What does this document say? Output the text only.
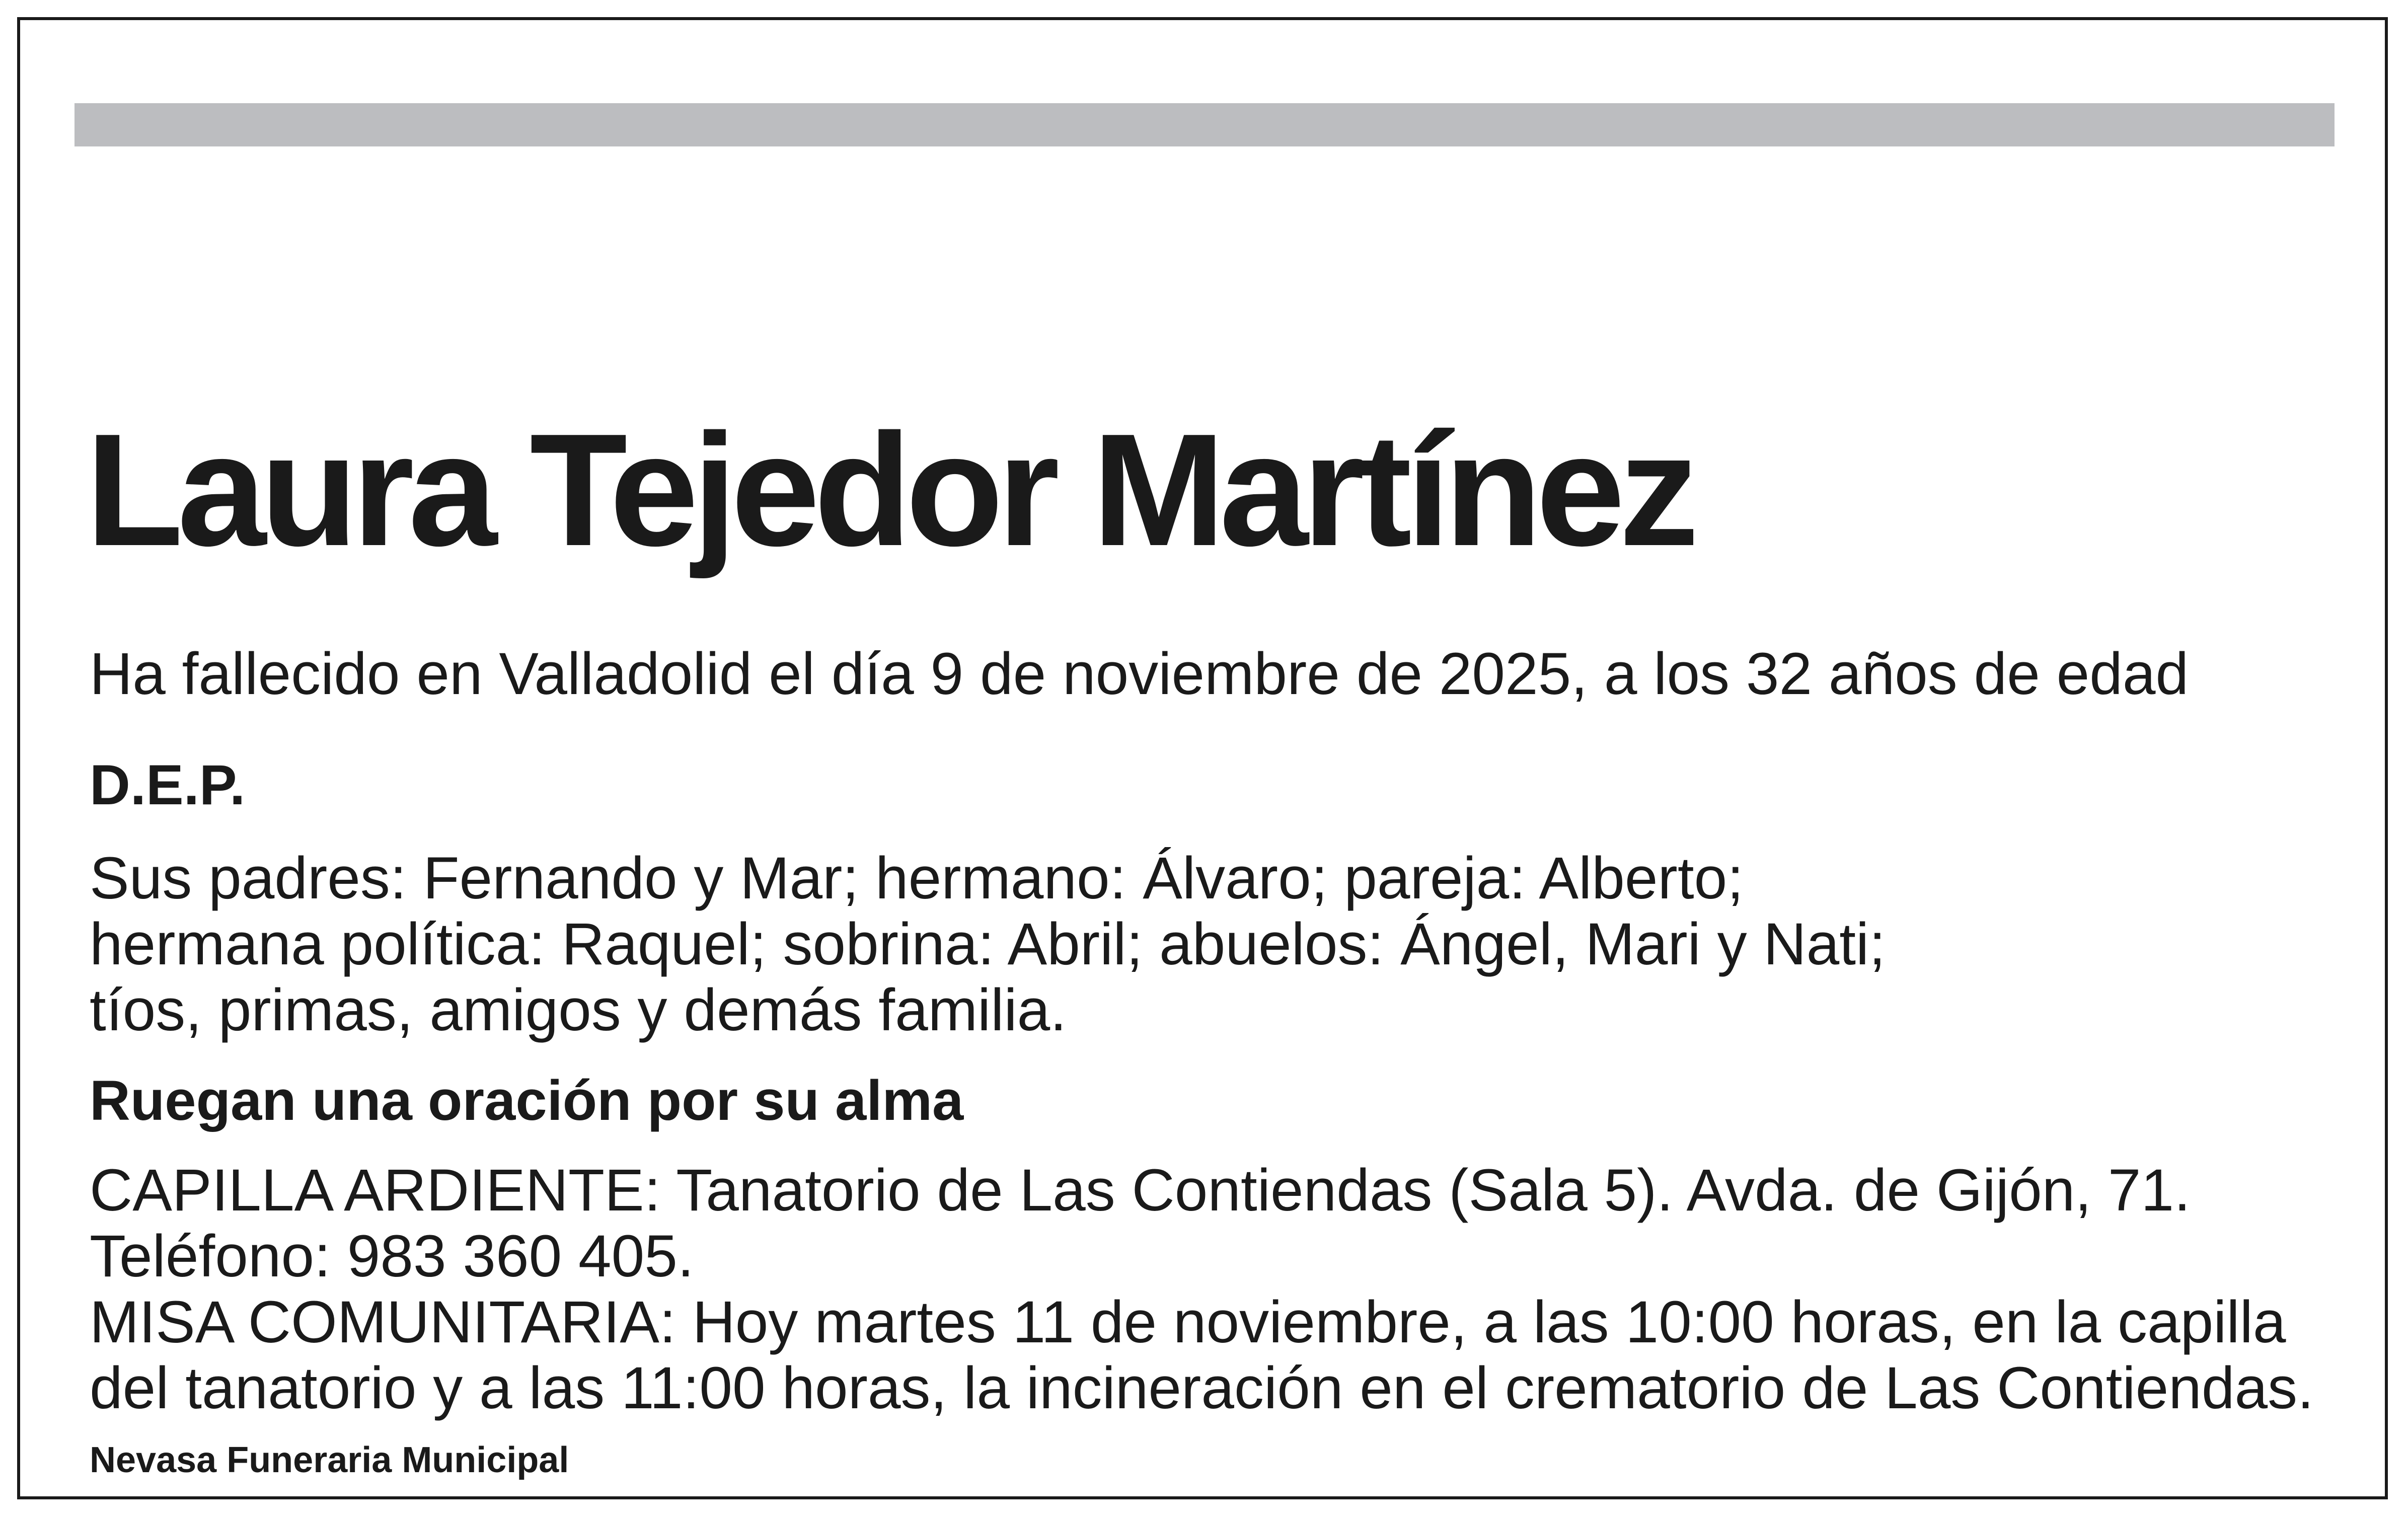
Laura Tejedor Martínez

Ha fallecido en Valladolid el día 9 de noviembre de 2025, a los 32 años de edad

D.E.P.

Sus padres: Fernando y Mar; hermano: Álvaro; pareja: Alberto;
hermana política: Raquel; sobrina: Abril; abuelos: Ángel, Mari y Nati;
tíos, primas, amigos y demás familia.

Ruegan una oración por su alma

CAPILLA ARDIENTE: Tanatorio de Las Contiendas (Sala 5). Avda. de Gijón, 71.
Teléfono: 983 360 405.
MISA COMUNITARIA: Hoy martes 11 de noviembre, a las 10:00 horas, en la capilla
del tanatorio y a las 11:00 horas, la incineración en el crematorio de Las Contiendas.

Nevasa Funeraria Municipal
